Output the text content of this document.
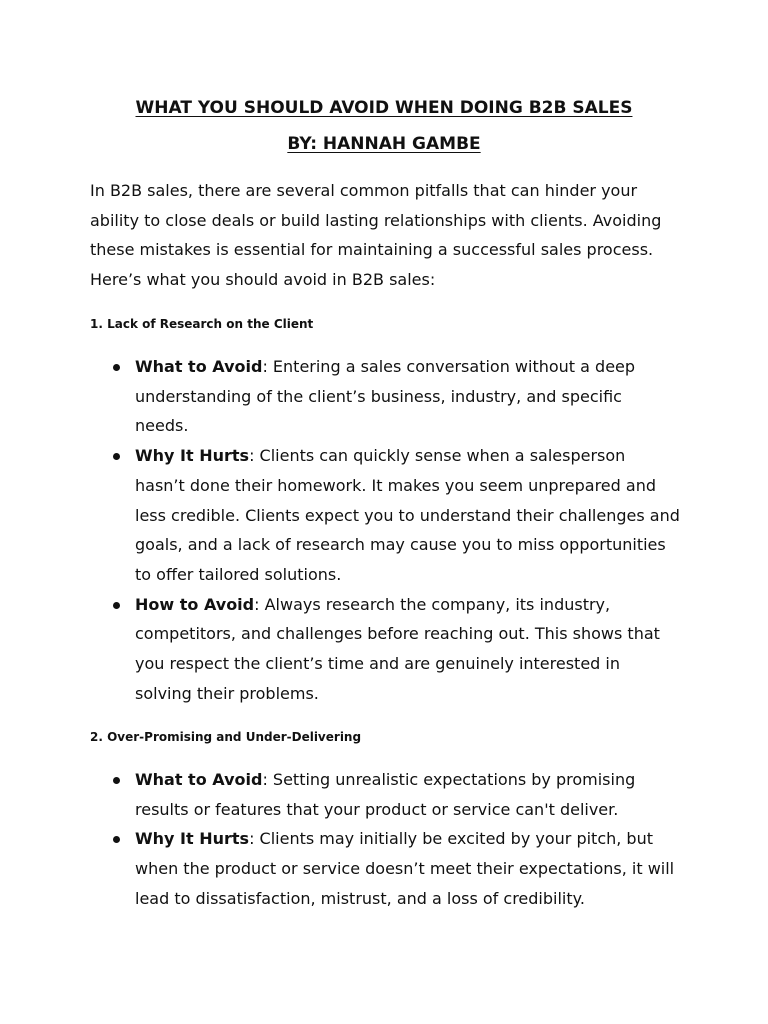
WHAT YOU SHOULD AVOID WHEN DOING B2B SALES
BY: HANNAH GAMBE

In B2B sales, there are several common pitfalls that can hinder your ability to close deals or build lasting relationships with clients. Avoiding these mistakes is essential for maintaining a successful sales process. Here’s what you should avoid in B2B sales:

1. Lack of Research on the Client
What to Avoid: Entering a sales conversation without a deep understanding of the client’s business, industry, and specific needs.
Why It Hurts: Clients can quickly sense when a salesperson hasn’t done their homework. It makes you seem unprepared and less credible. Clients expect you to understand their challenges and goals, and a lack of research may cause you to miss opportunities to offer tailored solutions.
How to Avoid: Always research the company, its industry, competitors, and challenges before reaching out. This shows that you respect the client’s time and are genuinely interested in solving their problems.
2. Over-Promising and Under-Delivering
What to Avoid: Setting unrealistic expectations by promising results or features that your product or service can't deliver.
Why It Hurts: Clients may initially be excited by your pitch, but when the product or service doesn’t meet their expectations, it will lead to dissatisfaction, mistrust, and a loss of credibility.
